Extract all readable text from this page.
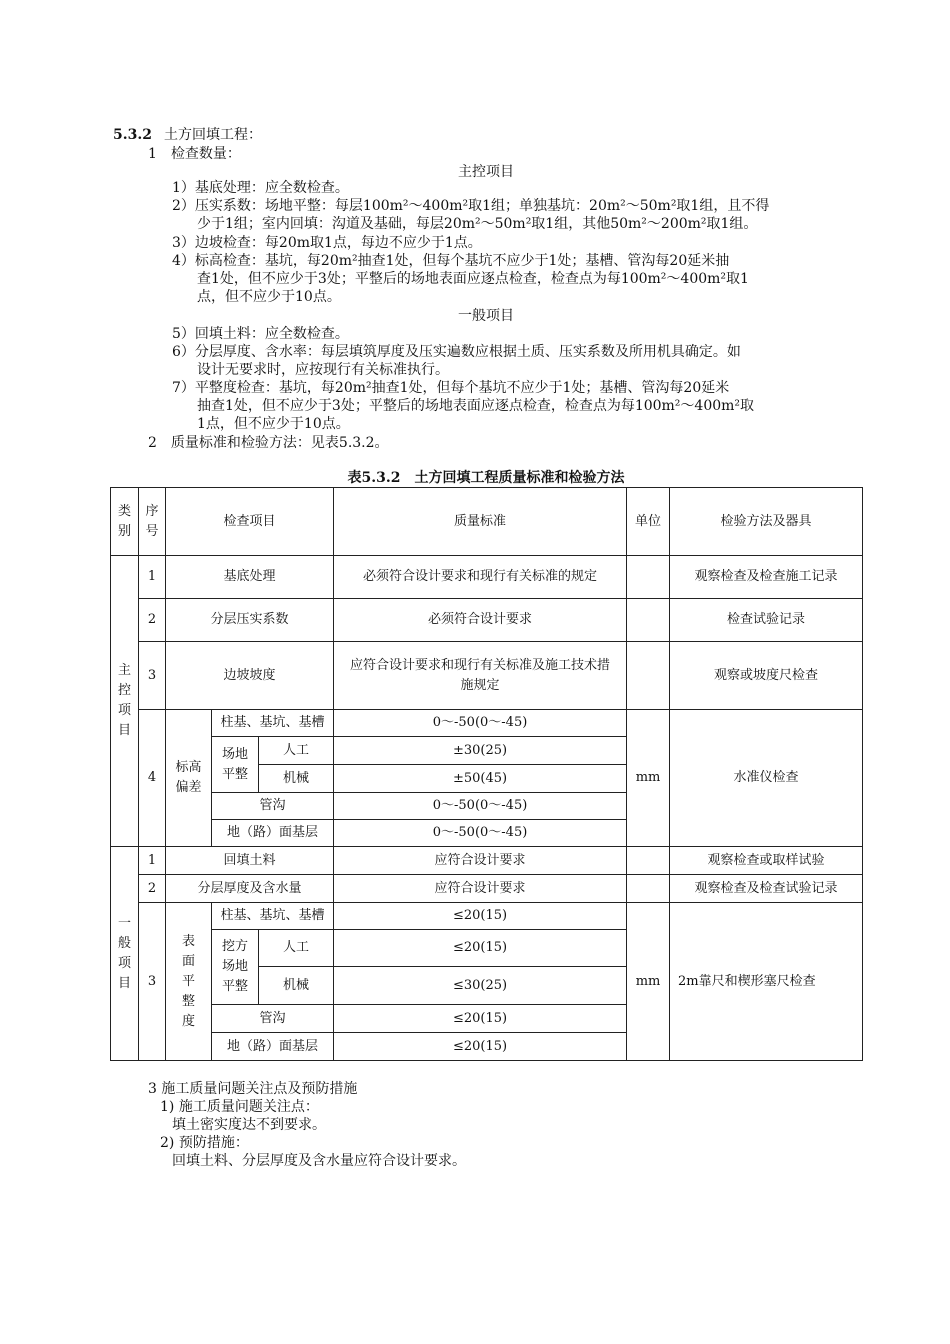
5.3.2 土方回填工程：
1　检查数量：
主控项目
1）基底处理：应全数检查。
2）压实系数：场地平整：每层100m²～400m²取1组；单独基坑：20m²～50m²取1组，且不得
少于1组；室内回填：沟道及基础，每层20m²～50m²取1组，其他50m²～200m²取1组。
3）边坡检查：每20m取1点，每边不应少于1点。
4）标高检查：基坑，每20m²抽查1处，但每个基坑不应少于1处；基槽、管沟每20延米抽
查1处，但不应少于3处；平整后的场地表面应逐点检查，检查点为每100m²～400m²取1
点，但不应少于10点。
一般项目
5）回填土料：应全数检查。
6）分层厚度、含水率：每层填筑厚度及压实遍数应根据土质、压实系数及所用机具确定。如
设计无要求时，应按现行有关标准执行。
7）平整度检查：基坑，每20m²抽查1处，但每个基坑不应少于1处；基槽、管沟每20延米
抽查1处，但不应少于3处；平整后的场地表面应逐点检查，检查点为每100m²～400m²取
1点，但不应少于10点。
2　质量标准和检验方法：见表5.3.2。
表5.3.2　土方回填工程质量标准和检验方法
类别	序号	检查项目			质量标准	单位	检验方法及器具
主控项目	1	基底处理			必须符合设计要求和现行有关标准的规定		观察检查及检查施工记录
	2	分层压实系数			必须符合设计要求		检查试验记录
	3	边坡坡度			应符合设计要求和现行有关标准及施工技术措施规定		观察或坡度尺检查
	4	标高偏差	柱基、基坑、基槽		0～-50(0～-45)	mm	水准仪检查
			场地平整	人工	±30(25)		
				机械	±50(45)		
			管沟		0～-50(0～-45)		
			地（路）面基层		0～-50(0～-45)		
一般项目	1	回填土料			应符合设计要求		观察检查或取样试验
	2	分层厚度及含水量			应符合设计要求		观察检查及检查试验记录
	3	表面平整度	柱基、基坑、基槽		≤20(15)	mm	2m靠尺和楔形塞尺检查
			挖方场地平整	人工	≤20(15)		
				机械	≤30(25)		
			管沟		≤20(15)		
			地（路）面基层		≤20(15)		
3 施工质量问题关注点及预防措施
1) 施工质量问题关注点：
填土密实度达不到要求。
2) 预防措施：
回填土料、分层厚度及含水量应符合设计要求。
